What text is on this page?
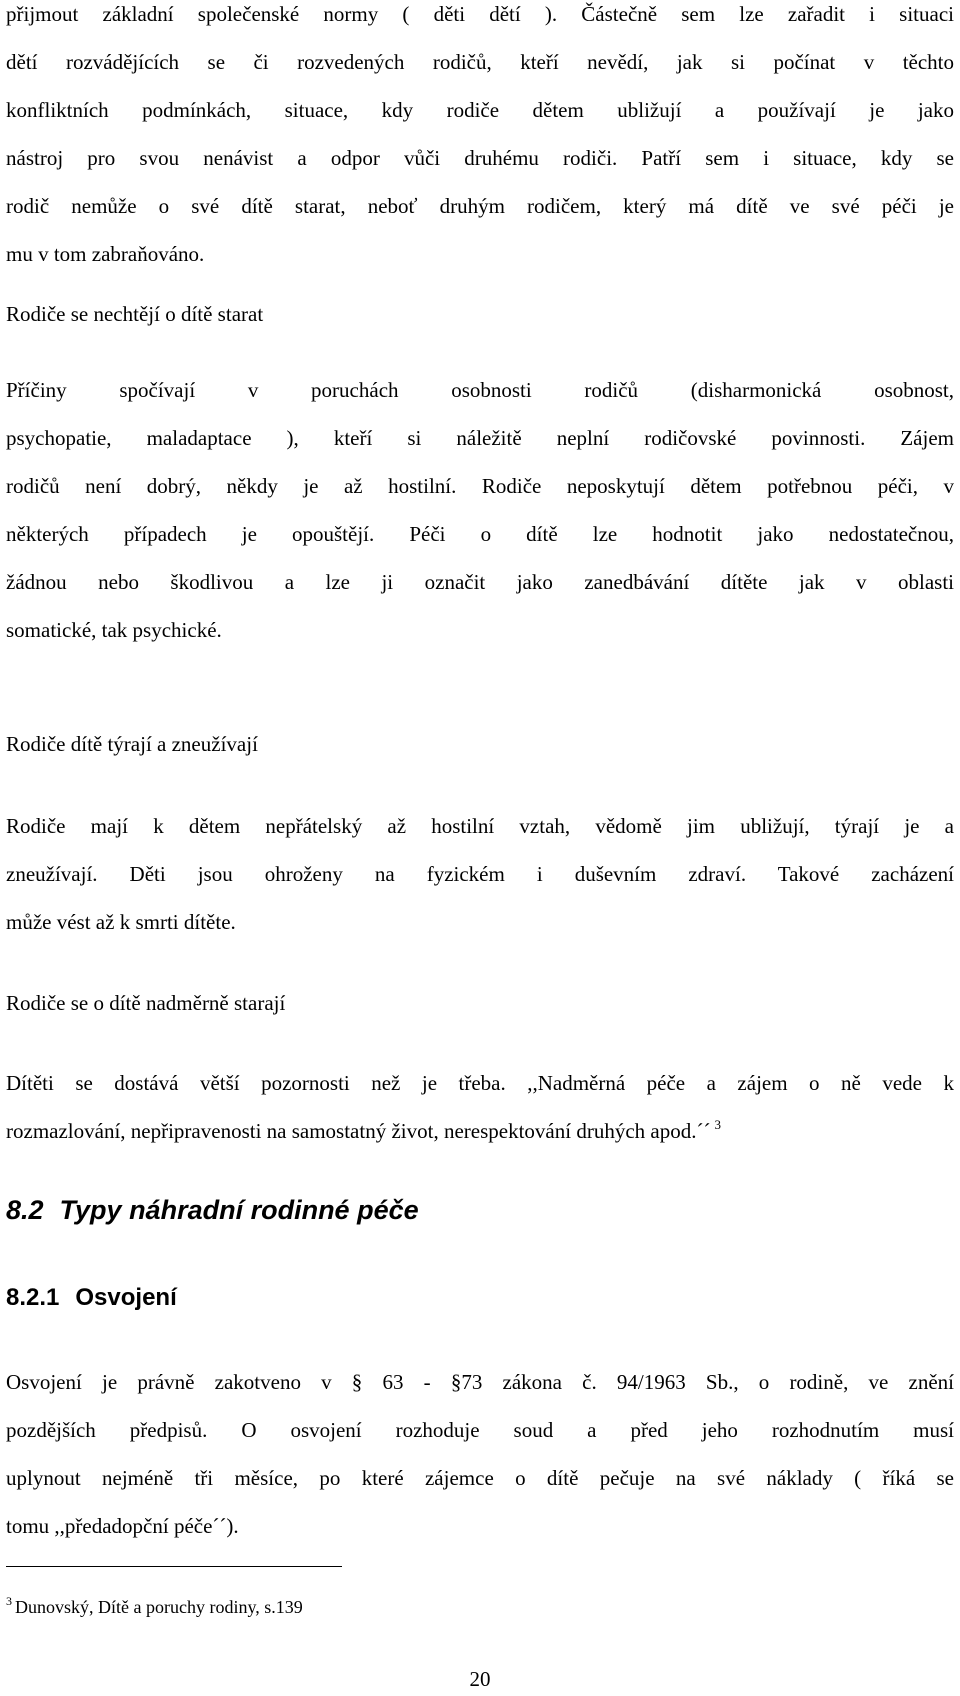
přijmout základní společenské normy ( děti dětí ). Částečně sem lze zařadit i situaci
dětí rozvádějících se či rozvedených rodičů, kteří nevědí, jak si počínat v těchto
konfliktních podmínkách, situace, kdy rodiče dětem ubližují a používají je jako
nástroj pro svou nenávist a odpor vůči druhému rodiči. Patří sem i situace, kdy se
rodič nemůže o své dítě starat, neboť druhým rodičem, který má dítě ve své péči je
mu v tom zabraňováno.

Rodiče se nechtějí o dítě starat

Příčiny spočívají v poruchách osobnosti rodičů (disharmonická osobnost,
psychopatie, maladaptace ), kteří si náležitě neplní rodičovské povinnosti. Zájem
rodičů není dobrý, někdy je až hostilní. Rodiče neposkytují dětem potřebnou péči, v
některých případech je opouštějí. Péči o dítě lze hodnotit jako nedostatečnou,
žádnou nebo škodlivou a lze ji označit jako zanedbávání dítěte jak v oblasti
somatické, tak psychické.

Rodiče dítě týrají a zneužívají

Rodiče mají k dětem nepřátelský až hostilní vztah, vědomě jim ubližují, týrají je a
zneužívají. Děti jsou ohroženy na fyzickém i duševním zdraví. Takové zacházení
může vést až k smrti dítěte.

Rodiče se o dítě nadměrně starají

Dítěti se dostává větší pozornosti než je třeba. ,,Nadměrná péče a zájem o ně vede k
rozmazlování, nepřipravenosti na samostatný život, nerespektování druhých apod.´´ $^3$
8.2 Typy náhradní rodinné péče
8.2.1 Osvojení
Osvojení je právně zakotveno v § 63 - §73 zákona č. 94/1963 Sb., o rodině, ve znění
pozdějších předpisů. O osvojení rozhoduje soud a před jeho rozhodnutím musí
uplynout nejméně tři měsíce, po které zájemce o dítě pečuje na své náklady ( říká se
tomu ,,předadopční péče´´).

$^3$ Dunovský, Dítě a poruchy rodiny, s.139

20
